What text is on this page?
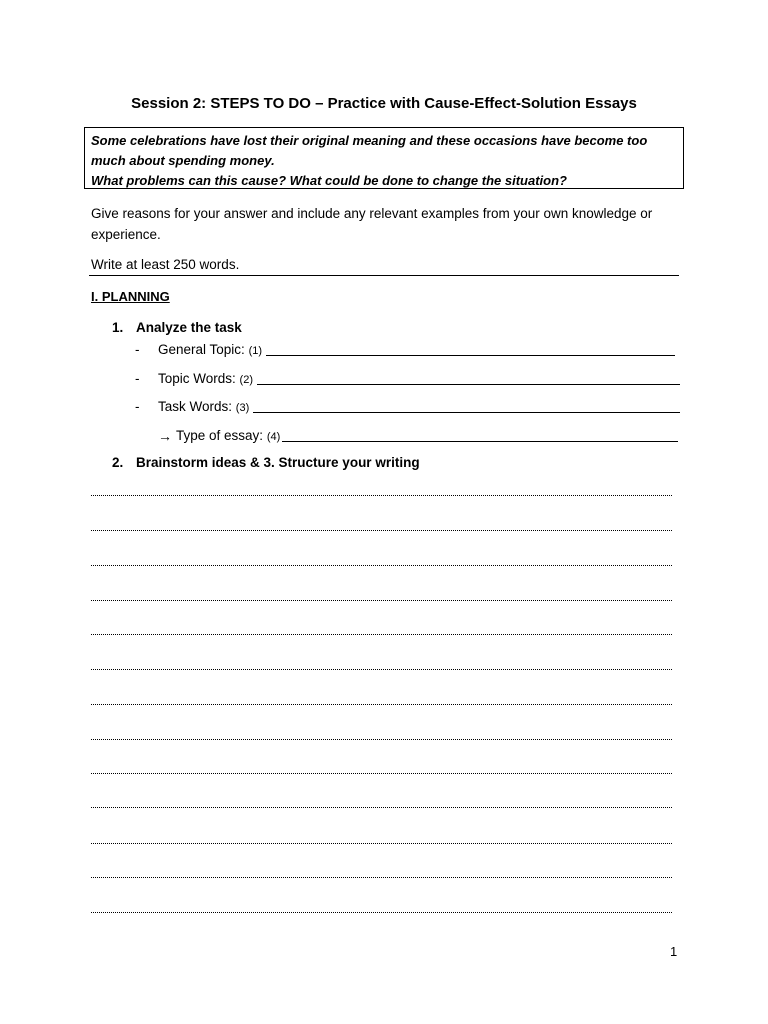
Session 2: STEPS TO DO – Practice with Cause-Effect-Solution Essays
Some celebrations have lost their original meaning and these occasions have become too
much about spending money.
What problems can this cause? What could be done to change the situation?
Give reasons for your answer and include any relevant examples from your own knowledge or experience.
Write at least 250 words.
I. PLANNING
1. Analyze the task
- General Topic: (1)
- Topic Words: (2)
- Task Words: (3)
→ Type of essay: (4)
2. Brainstorm ideas & 3. Structure your writing
1
